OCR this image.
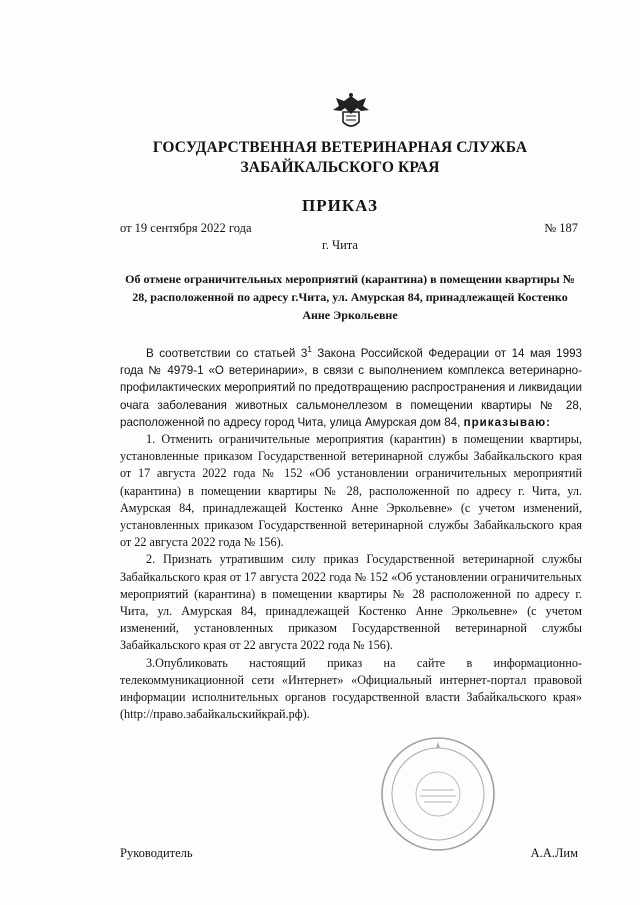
ГОСУДАРСТВЕННАЯ ВЕТЕРИНАРНАЯ СЛУЖБА
ЗАБАЙКАЛЬСКОГО КРАЯ
ПРИКАЗ
от 19 сентября 2022 года	№ 187
г. Чита
Об отмене ограничительных мероприятий (карантина) в помещении квартиры № 28, расположенной по адресу г.Чита, ул. Амурская 84, принадлежащей Костенко Анне Эркольевне

В соответствии со статьей $3^1$ Закона Российской Федерации от 14 мая 1993 года № 4979-1 «О ветеринарии», в связи с выполнением комплекса ветеринарно-профилактических мероприятий по предотвращению распространения и ликвидации очага заболевания животных сальмонеллезом в помещении квартиры № 28, расположенной по адресу город Чита, улица Амурская дом 84, приказываю:

1. Отменить ограничительные мероприятия (карантин) в помещении квартиры, установленные приказом Государственной ветеринарной службы Забайкальского края от 17 августа 2022 года № 152 «Об установлении ограничительных мероприятий (карантина) в помещении квартиры № 28, расположенной по адресу г. Чита, ул. Амурская 84, принадлежащей Костенко Анне Эркольевне» (с учетом изменений, установленных приказом Государственной ветеринарной службы Забайкальского края от 22 августа 2022 года № 156).

2. Признать утратившим силу приказ Государственной ветеринарной службы Забайкальского края от 17 августа 2022 года № 152 «Об установлении ограничительных мероприятий (карантина) в помещении квартиры № 28 расположенной по адресу г. Чита, ул. Амурская 84, принадлежащей Костенко Анне Эркольевне» (с учетом изменений, установленных приказом Государственной ветеринарной службы Забайкальского края от 22 августа 2022 года № 156).

3.Опубликовать настоящий приказ на сайте в информационно-телекоммуникационной сети «Интернет» «Официальный интернет-портал правовой информации исполнительных органов государственной власти Забайкальского края» (http://право.забайкальскийкрай.рф).

Руководитель	А.А.Лим
